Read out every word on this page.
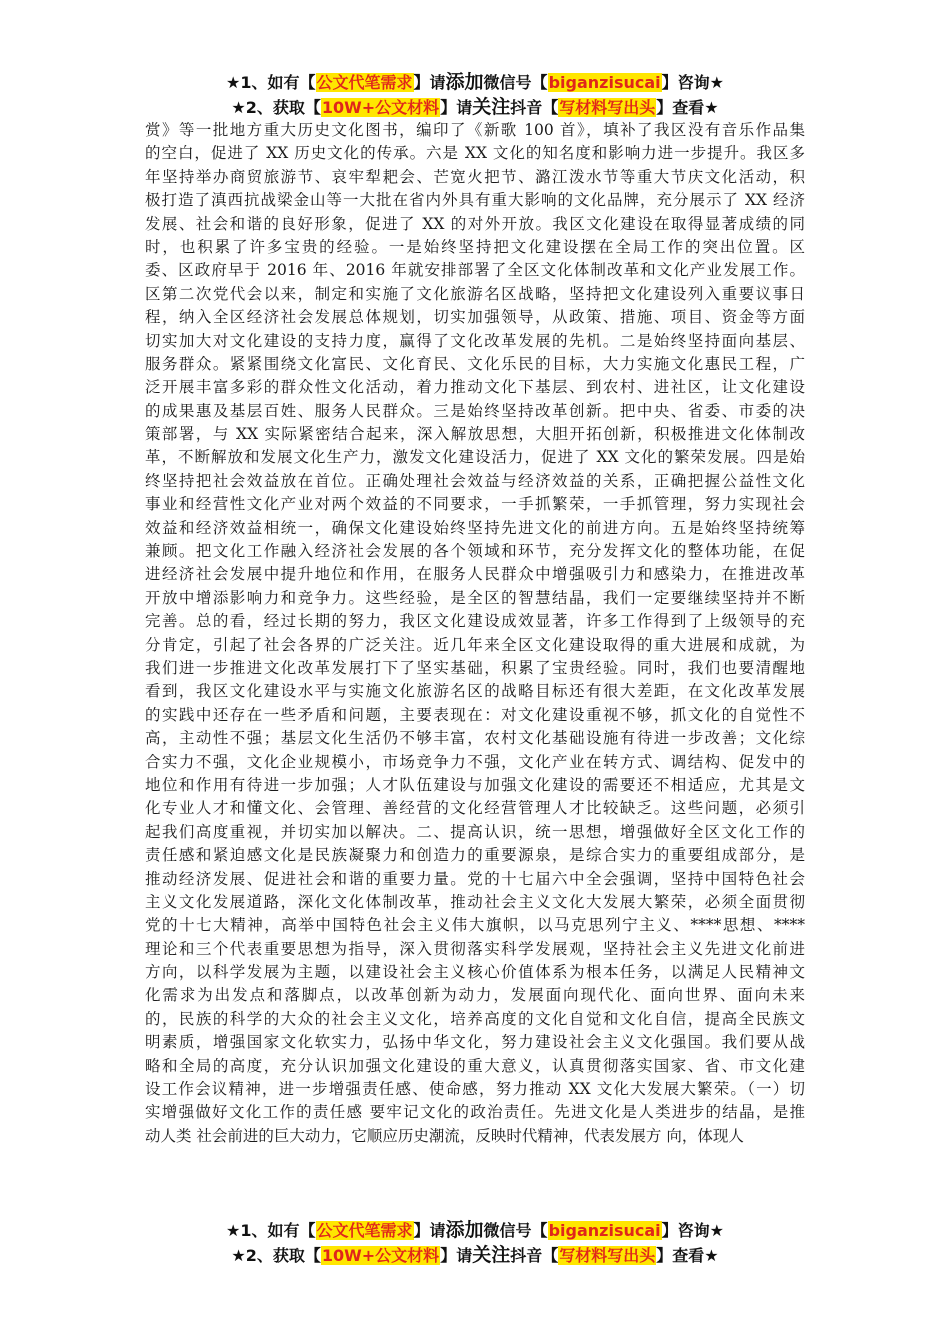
★1、如有【公文代笔需求】请添加微信号【biganzisucai】咨询★
★2、获取【10W+公文材料】请关注抖音【写材料写出头】查看★
赏》等一批地方重大历史文化图书，编印了《新歌 100 首》，填补了我区没有音乐作品集
的空白，促进了 XX 历史文化的传承。六是 XX 文化的知名度和影响力进一步提升。我区多
年坚持举办商贸旅游节、哀牢犁耙会、芒宽火把节、潞江泼水节等重大节庆文化活动，积
极打造了滇西抗战梁金山等一大批在省内外具有重大影响的文化品牌，充分展示了 XX 经济
发展、社会和谐的良好形象，促进了 XX 的对外开放。我区文化建设在取得显著成绩的同
时，也积累了许多宝贵的经验。一是始终坚持把文化建设摆在全局工作的突出位置。区
委、区政府早于 2016 年、2016 年就安排部署了全区文化体制改革和文化产业发展工作。
区第二次党代会以来，制定和实施了文化旅游名区战略，坚持把文化建设列入重要议事日
程，纳入全区经济社会发展总体规划，切实加强领导，从政策、措施、项目、资金等方面
切实加大对文化建设的支持力度，赢得了文化改革发展的先机。二是始终坚持面向基层、
服务群众。紧紧围绕文化富民、文化育民、文化乐民的目标，大力实施文化惠民工程，广
泛开展丰富多彩的群众性文化活动，着力推动文化下基层、到农村、进社区，让文化建设
的成果惠及基层百姓、服务人民群众。三是始终坚持改革创新。把中央、省委、市委的决
策部署，与 XX 实际紧密结合起来，深入解放思想，大胆开拓创新，积极推进文化体制改
革，不断解放和发展文化生产力，激发文化建设活力，促进了 XX 文化的繁荣发展。四是始
终坚持把社会效益放在首位。正确处理社会效益与经济效益的关系，正确把握公益性文化
事业和经营性文化产业对两个效益的不同要求，一手抓繁荣，一手抓管理，努力实现社会
效益和经济效益相统一，确保文化建设始终坚持先进文化的前进方向。五是始终坚持统筹
兼顾。把文化工作融入经济社会发展的各个领域和环节，充分发挥文化的整体功能，在促
进经济社会发展中提升地位和作用，在服务人民群众中增强吸引力和感染力，在推进改革
开放中增添影响力和竞争力。这些经验，是全区的智慧结晶，我们一定要继续坚持并不断
完善。总的看，经过长期的努力，我区文化建设成效显著，许多工作得到了上级领导的充
分肯定，引起了社会各界的广泛关注。近几年来全区文化建设取得的重大进展和成就，为
我们进一步推进文化改革发展打下了坚实基础，积累了宝贵经验。同时，我们也要清醒地
看到，我区文化建设水平与实施文化旅游名区的战略目标还有很大差距，在文化改革发展
的实践中还存在一些矛盾和问题，主要表现在：对文化建设重视不够，抓文化的自觉性不
高，主动性不强；基层文化生活仍不够丰富，农村文化基础设施有待进一步改善；文化综
合实力不强，文化企业规模小，市场竞争力不强，文化产业在转方式、调结构、促发中的
地位和作用有待进一步加强；人才队伍建设与加强文化建设的需要还不相适应，尤其是文
化专业人才和懂文化、会管理、善经营的文化经营管理人才比较缺乏。这些问题，必须引
起我们高度重视，并切实加以解决。二、提高认识，统一思想，增强做好全区文化工作的
责任感和紧迫感文化是民族凝聚力和创造力的重要源泉，是综合实力的重要组成部分，是
推动经济发展、促进社会和谐的重要力量。党的十七届六中全会强调，坚持中国特色社会
主义文化发展道路，深化文化体制改革，推动社会主义文化大发展大繁荣，必须全面贯彻
党的十七大精神，高举中国特色社会主义伟大旗帜，以马克思列宁主义、****思想、****
理论和三个代表重要思想为指导，深入贯彻落实科学发展观，坚持社会主义先进文化前进
方向，以科学发展为主题，以建设社会主义核心价值体系为根本任务，以满足人民精神文
化需求为出发点和落脚点，以改革创新为动力，发展面向现代化、面向世界、面向未来
的，民族的科学的大众的社会主义文化，培养高度的文化自觉和文化自信，提高全民族文
明素质，增强国家文化软实力，弘扬中华文化，努力建设社会主义文化强国。我们要从战
略和全局的高度，充分认识加强文化建设的重大意义，认真贯彻落实国家、省、市文化建
设工作会议精神，进一步增强责任感、使命感，努力推动 XX 文化大发展大繁荣。（一）切
实增强做好文化工作的责任感 要牢记文化的政治责任。先进文化是人类进步的结晶，是推
动人类 社会前进的巨大动力，它顺应历史潮流，反映时代精神，代表发展方 向，体现人
★1、如有【公文代笔需求】请添加微信号【biganzisucai】咨询★
★2、获取【10W+公文材料】请关注抖音【写材料写出头】查看★
